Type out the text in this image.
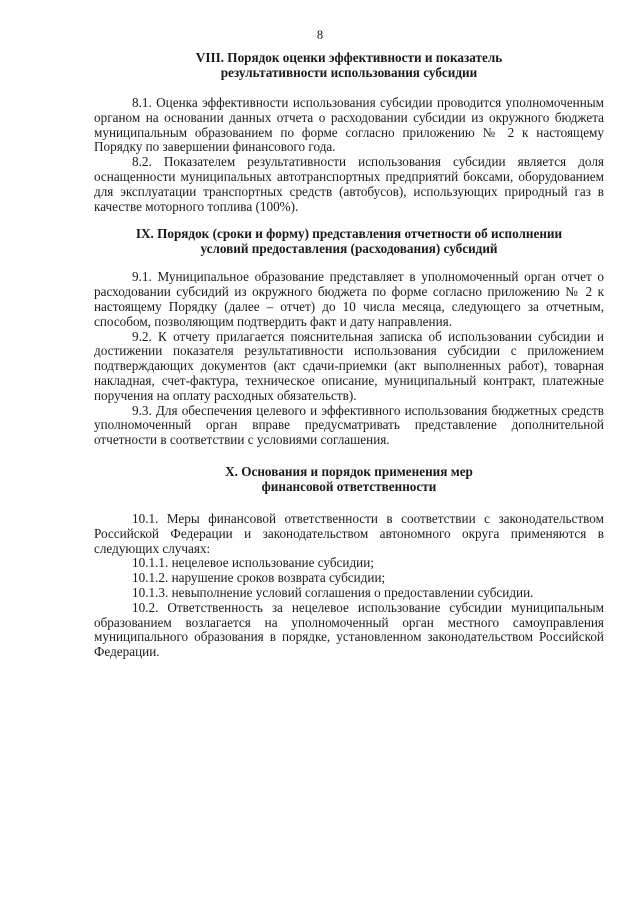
8
VIII. Порядок оценки эффективности и показатель
результативности использования субсидии

8.1. Оценка эффективности использования субсидии проводится уполномоченным органом на основании данных отчета о расходовании субсидии из окружного бюджета муниципальным образованием по форме согласно приложению № 2 к настоящему Порядку по завершении финансового года.

8.2. Показателем результативности использования субсидии является доля оснащенности муниципальных автотранспортных предприятий боксами, оборудованием для эксплуатации транспортных средств (автобусов), использующих природный газ в качестве моторного топлива (100%).

IX. Порядок (сроки и форму) представления отчетности об исполнении
условий предоставления (расходования) субсидий

9.1. Муниципальное образование представляет в уполномоченный орган отчет о расходовании субсидий из окружного бюджета по форме согласно приложению № 2 к настоящему Порядку (далее – отчет) до 10 числа месяца, следующего за отчетным, способом, позволяющим подтвердить факт и дату направления.

9.2. К отчету прилагается пояснительная записка об использовании субсидии и достижении показателя результативности использования субсидии с приложением подтверждающих документов (акт сдачи-приемки (акт выполненных работ), товарная накладная, счет-фактура, техническое описание, муниципальный контракт, платежные поручения на оплату расходных обязательств).

9.3. Для обеспечения целевого и эффективного использования бюджетных средств уполномоченный орган вправе предусматривать представление дополнительной отчетности в соответствии с условиями соглашения.

X. Основания и порядок применения мер
финансовой ответственности

10.1. Меры финансовой ответственности в соответствии с законодательством Российской Федерации и законодательством автономного округа применяются в следующих случаях:

10.1.1. нецелевое использование субсидии;

10.1.2. нарушение сроков возврата субсидии;

10.1.3. невыполнение условий соглашения о предоставлении субсидии.

10.2. Ответственность за нецелевое использование субсидии муниципальным образованием возлагается на уполномоченный орган местного самоуправления муниципального образования в порядке, установленном законодательством Российской Федерации.
